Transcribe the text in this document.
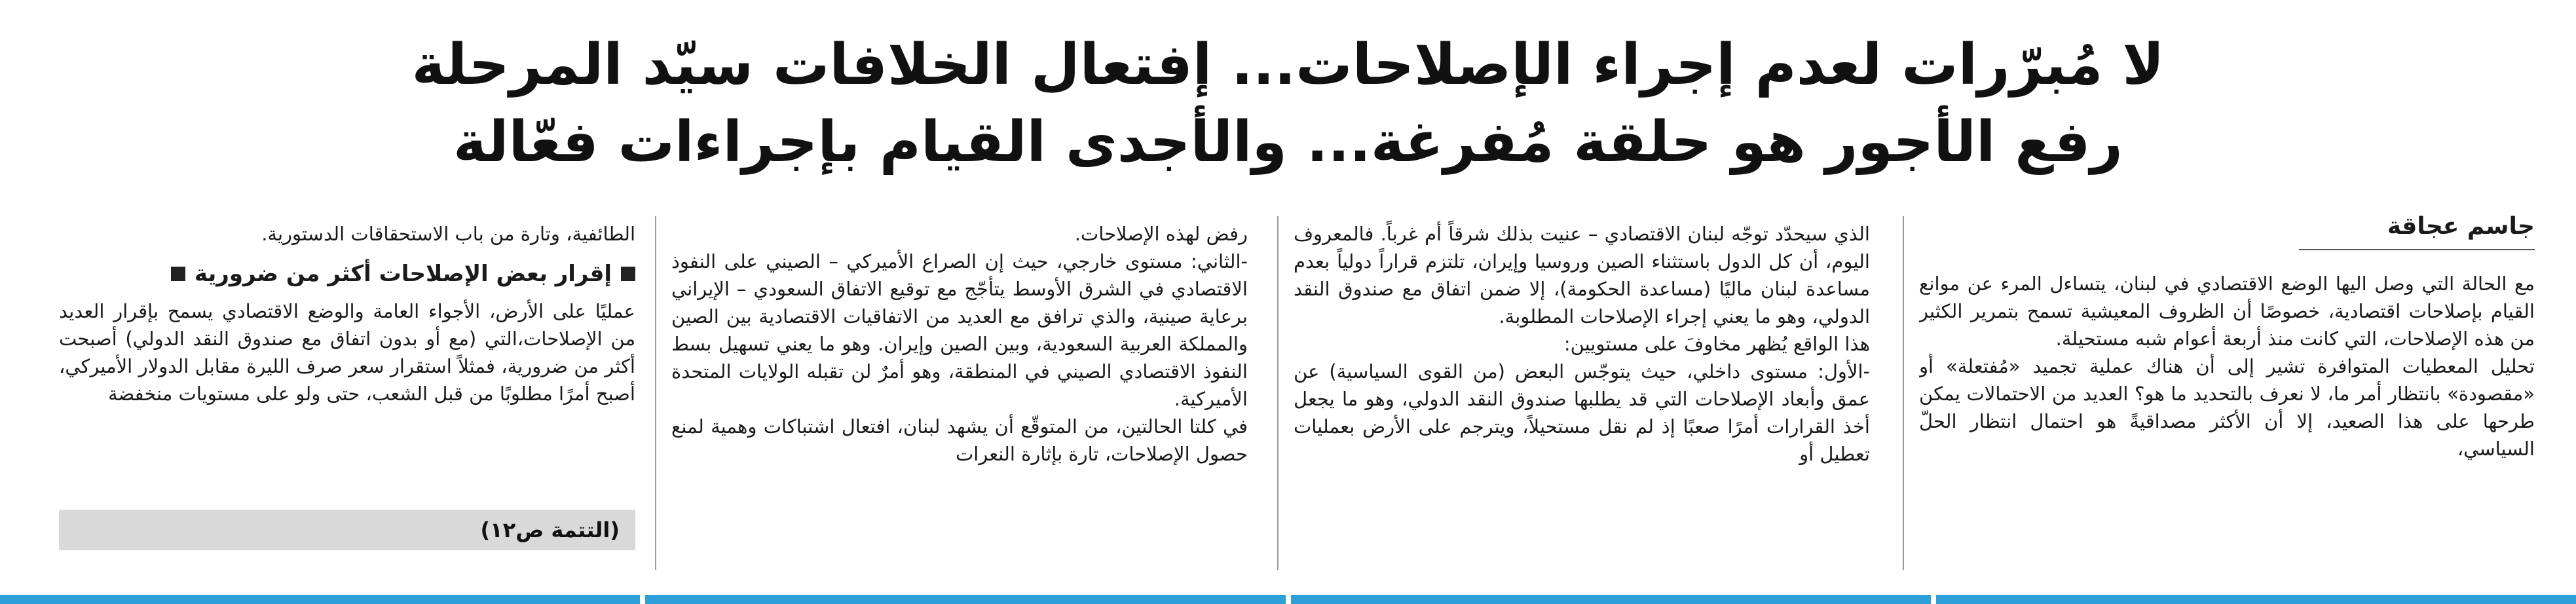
لا مُبرّرات لعدم إجراء الإصلاحات... إفتعال الخلافات سيّد المرحلة
رفع الأجور هو حلقة مُفرغة... والأجدى القيام بإجراءات فعّالة
جاسم عجاقة

مع الحالة التي وصل اليها الوضع الاقتصادي في لبنان، يتساءل المرء عن موانع القيام بإصلاحات اقتصادية، خصوصًا أن الظروف المعيشية تسمح بتمرير الكثير من هذه الإصلاحات، التي كانت منذ أربعة أعوام شبه مستحيلة.

تحليل المعطيات المتوافرة تشير إلى أن هناك عملية تجميد «مُفتعلة» أو «مقصودة» بانتظار أمر ما، لا نعرف بالتحديد ما هو؟ العديد من الاحتمالات يمكن طرحها على هذا الصعيد، إلا أن الأكثر مصداقيةً هو احتمال انتظار الحلّ السياسي،

الذي سيحدّد توجّه لبنان الاقتصادي – عنيت بذلك شرقاً أم غرباً. فالمعروف اليوم، أن كل الدول باستثناء الصين وروسيا وإيران، تلتزم قراراً دولياً بعدم مساعدة لبنان ماليًا (مساعدة الحكومة)، إلا ضمن اتفاق مع صندوق النقد الدولي، وهو ما يعني إجراء الإصلاحات المطلوبة.

هذا الواقع يُظهر مخاوفَ على مستويين:

-الأول: مستوى داخلي، حيث يتوجّس البعض (من القوى السياسية) عن عمق وأبعاد الإصلاحات التي قد يطلبها صندوق النقد الدولي، وهو ما يجعل أخذ القرارات أمرًا صعبًا إذ لم نقل مستحيلاً، ويترجم على الأرض بعمليات تعطيل أو

رفض لهذه الإصلاحات.

-الثاني: مستوى خارجي، حيث إن الصراع الأميركي – الصيني على النفوذ الاقتصادي في الشرق الأوسط يتأجّج مع توقيع الاتفاق السعودي – الإيراني برعاية صينية، والذي ترافق مع العديد من الاتفاقيات الاقتصادية بين الصين والمملكة العربية السعودية، وبين الصين وإيران. وهو ما يعني تسهيل بسط النفوذ الاقتصادي الصيني في المنطقة، وهو أمرٌ لن تقبله الولايات المتحدة الأميركية.

في كلتا الحالتين، من المتوقّع أن يشهد لبنان، افتعال اشتباكات وهمية لمنع حصول الإصلاحات، تارة بإثارة النعرات

الطائفية، وتارة من باب الاستحقاقات الدستورية.

إقرار بعض الإصلاحات أكثر من ضرورية

عمليًا على الأرض، الأجواء العامة والوضع الاقتصادي يسمح بإقرار العديد من الإصلاحات،التي (مع أو بدون اتفاق مع صندوق النقد الدولي) أصبحت أكثر من ضرورية، فمثلاً استقرار سعر صرف الليرة مقابل الدولار الأميركي، أصبح أمرًا مطلوبًا من قبل الشعب، حتى ولو على مستويات منخفضة

(التتمة ص١٢)
